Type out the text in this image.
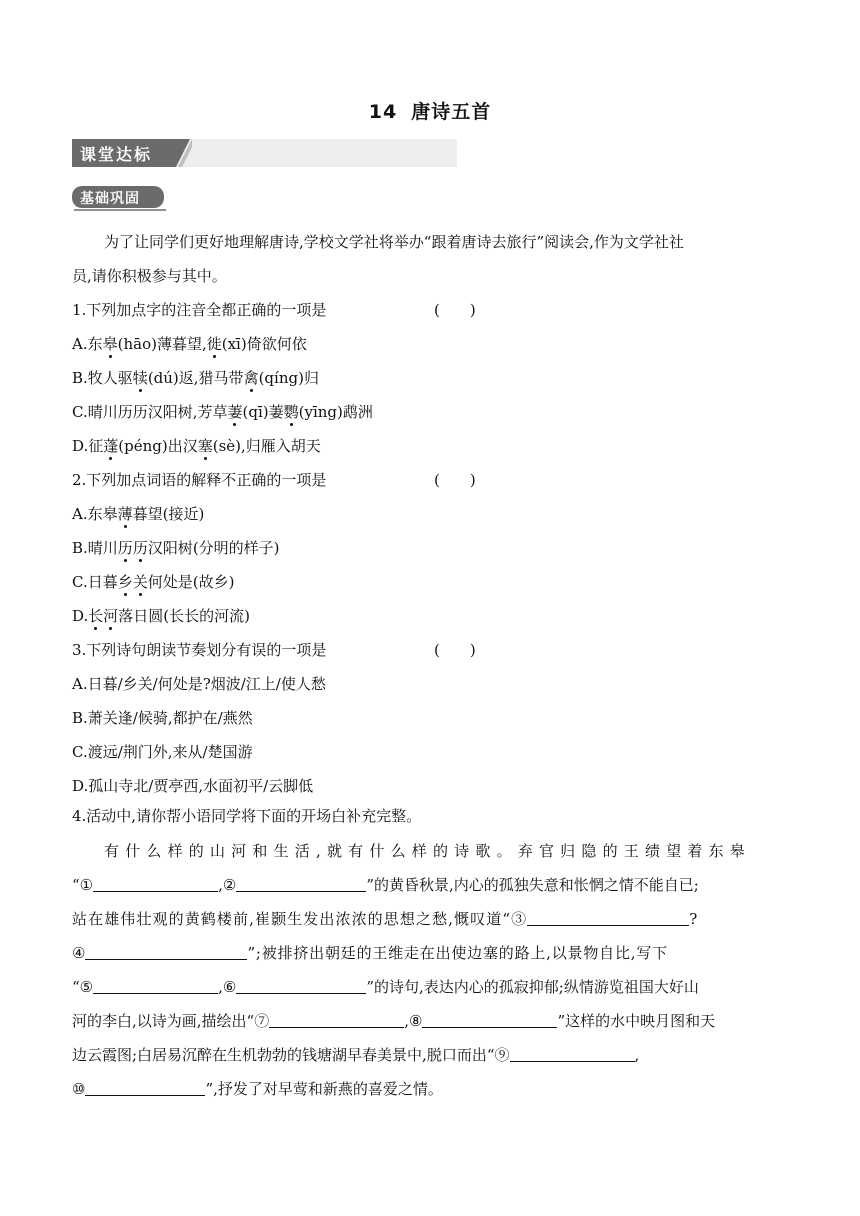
14 唐诗五首
课堂达标
基础巩固
为了让同学们更好地理解唐诗,学校文学社将举办“跟着唐诗去旅行”阅读会,作为文学社社
员,请你积极参与其中。
1.下列加点字的注音全都正确的一项是	(　　)
A.东皋(hāo)薄暮望,徙(xī)倚欲何依
B.牧人驱犊(dú)返,猎马带禽(qíng)归
C.晴川历历汉阳树,芳草萋(qī)萋鹦(yīng)鹉洲
D.征蓬(péng)出汉塞(sè),归雁入胡天
2.下列加点词语的解释不正确的一项是	(　　)
A.东皋薄暮望(接近)
B.晴川历历汉阳树(分明的样子)
C.日暮乡关何处是(故乡)
D.长河落日圆(长长的河流)
3.下列诗句朗读节奏划分有误的一项是	(　　)
A.日暮/乡关/何处是?烟波/江上/使人愁
B.萧关逢/候骑,都护在/燕然
C.渡远/荆门外,来从/楚国游
D.孤山寺北/贾亭西,水面初平/云脚低
4.活动中,请你帮小语同学将下面的开场白补充完整。
有什么样的山河和生活,就有什么样的诗歌。弃官归隐的王绩望着东皋
“①	,②	”的黄昏秋景,内心的孤独失意和怅惘之情不能自已;
站在雄伟壮观的黄鹤楼前,崔颢生发出浓浓的思想之愁,慨叹道“③	?
④	”;被排挤出朝廷的王维走在出使边塞的路上,以景物自比,写下
“⑤	,⑥	”的诗句,表达内心的孤寂抑郁;纵情游览祖国大好山
河的李白,以诗为画,描绘出“⑦	,⑧	”这样的水中映月图和天
边云霞图;白居易沉醉在生机勃勃的钱塘湖早春美景中,脱口而出“⑨	,
⑩	”,抒发了对早莺和新燕的喜爱之情。
